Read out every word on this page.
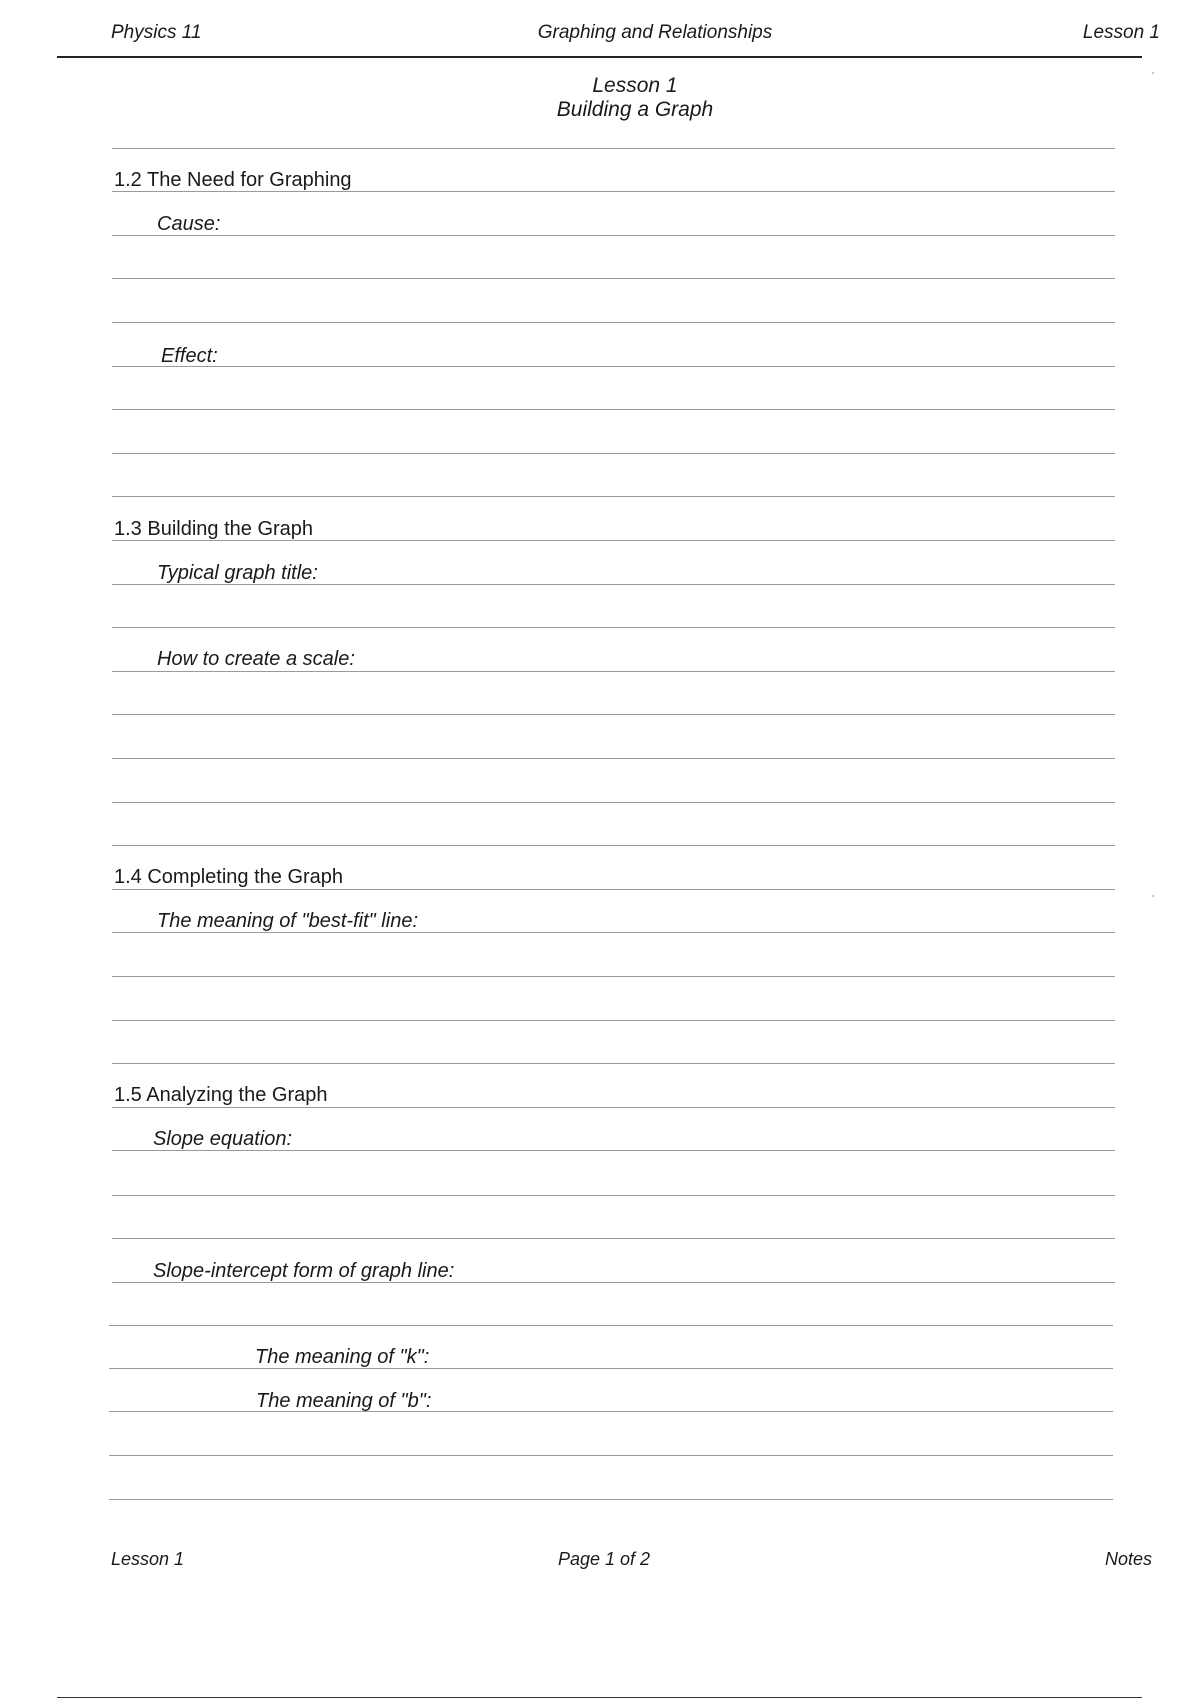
Physics 11	Graphing and Relationships	Lesson 1
Lesson 1
Building a Graph
1.2 The Need for Graphing
Cause:
Effect:
1.3 Building the Graph
Typical graph title:
How to create a scale:
1.4 Completing the Graph
The meaning of "best-fit" line:
1.5 Analyzing the Graph
Slope equation:
Slope-intercept form of graph line:
The meaning of "k":
The meaning of "b":
Lesson 1	Page 1 of 2	Notes
